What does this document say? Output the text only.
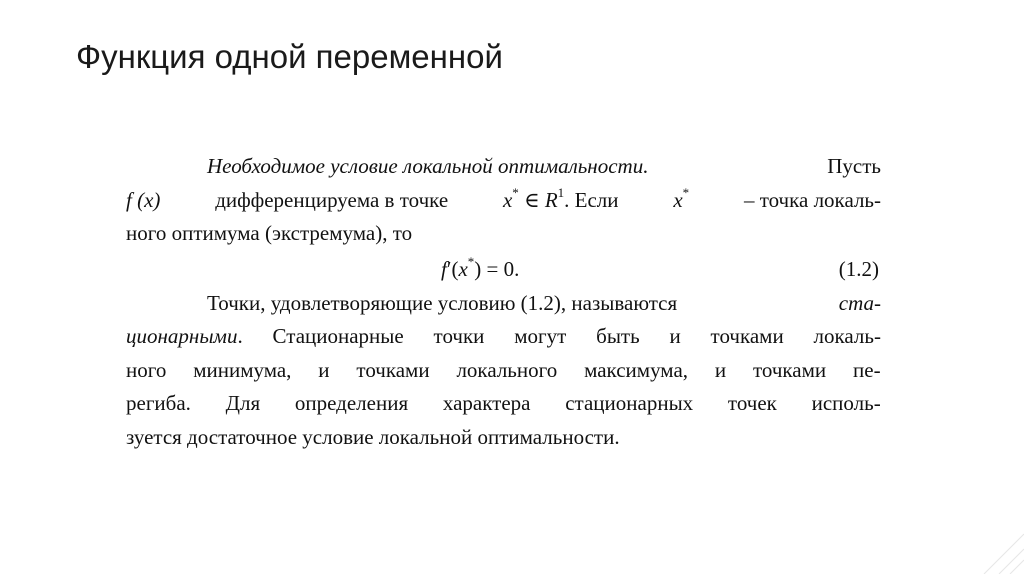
Функция одной переменной
Необходимое условие локальной оптимальности.	Пусть
f (x)	дифференцируема в точке	x* ∈ $R^1$. Если	x*	– точка локаль-
ного оптимума (экстремума), то
f′(x*) = 0.	(1.2)
Точки, удовлетворяющие условию (1.2), называются	ста-
ционарными. Стационарные точки могут быть и точками локаль-
ного минимума, и точками локального максимума, и точками пе-
региба. Для определения характера стационарных точек исполь-
зуется достаточное условие локальной оптимальности.
